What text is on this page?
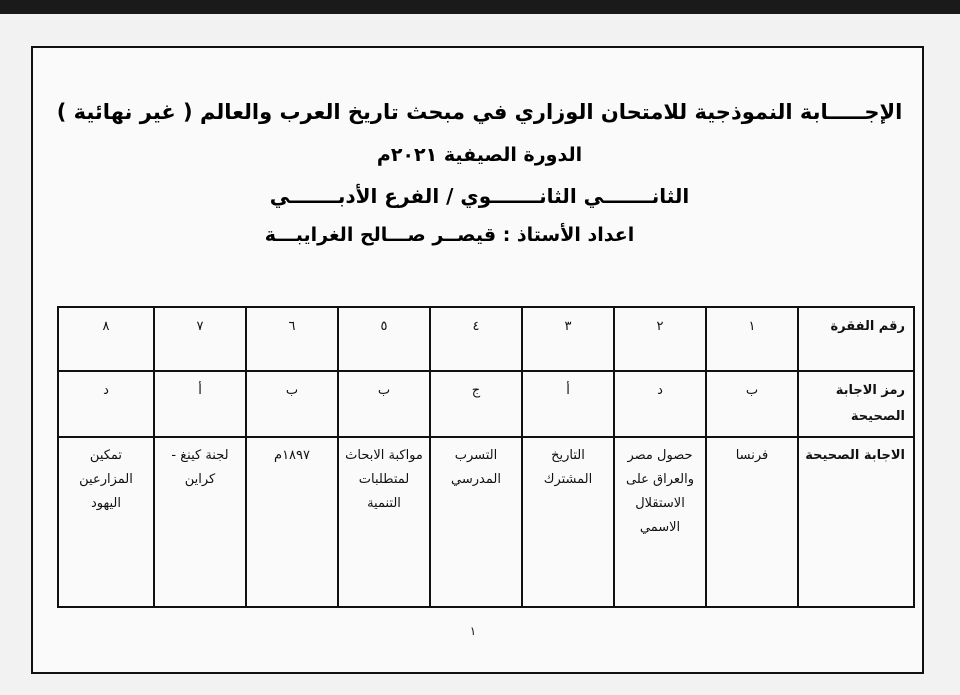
الإجـــــابة النموذجية للامتحان الوزاري في مبحث تاريخ العرب والعالم ( غير نهائية )
الدورة الصيفية ٢٠٢١م
الثانـــــــي الثانـــــــوي / الفرع الأدبـــــــي
اعداد الأستاذ : قيصــر صـــالح الغرايبـــة
رقم الفقرة	١	٢	٣	٤	٥	٦	٧	٨
رمز الاجابة الصحيحة	ب	د	أ	ج	ب	ب	أ	د
الاجابة الصحيحة	فرنسا	حصول مصر والعراق على الاستقلال الاسمي	التاريخ المشترك	التسرب المدرسي	مواكبة الابحاث لمتطلبات التنمية	١٨٩٧م	لجنة كينغ - كراين	تمكين المزارعين اليهود
١
